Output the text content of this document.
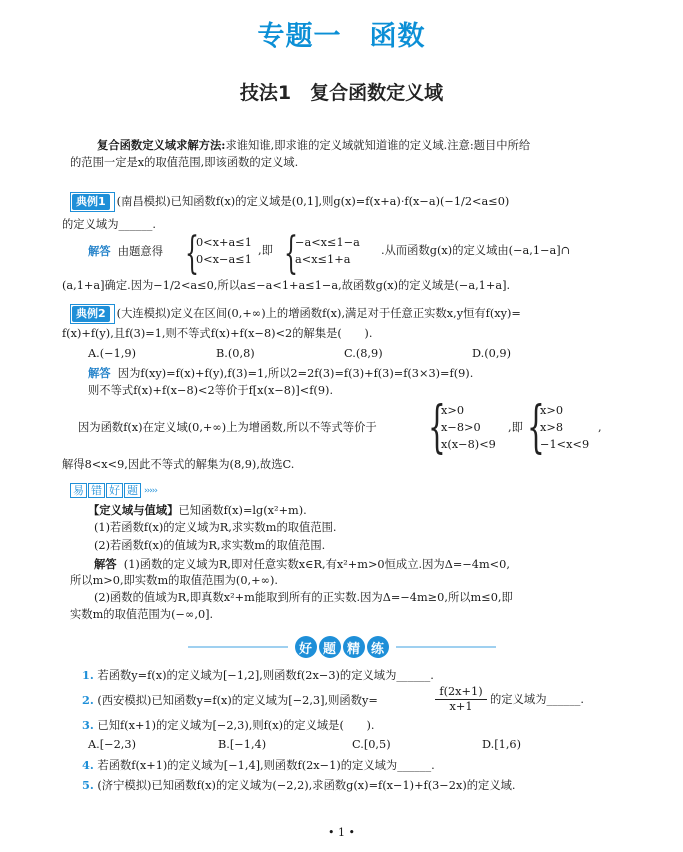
专题一　函数
技法1　复合函数定义域
复合函数定义域求解方法:求谁知谁,即求谁的定义域就知道谁的定义域.注意:题目中所给
的范围一定是x的取值范围,即该函数的定义域.
典例1 (南昌模拟)已知函数f(x)的定义域是(0,1],则g(x)=f(x+a)·f(x−a)(−1/2<a≤0)
的定义域为______.
解答 由题意得 {
0<x+a≤1
0<x−a≤1
,即 {
−a<x≤1−a
a<x≤1+a
.从而函数g(x)的定义域由(−a,1−a]∩
(a,1+a]确定.因为−1/2<a≤0,所以a≤−a<1+a≤1−a,故函数g(x)的定义域是(−a,1+a].
典例2 (大连模拟)定义在区间(0,+∞)上的增函数f(x),满足对于任意正实数x,y恒有f(xy)=
f(x)+f(y),且f(3)=1,则不等式f(x)+f(x−8)<2的解集是(　　).
A.(−1,9)	B.(0,8)	C.(8,9)	D.(0,9)
解答 因为f(xy)=f(x)+f(y),f(3)=1,所以2=2f(3)=f(3)+f(3)=f(3×3)=f(9).
则不等式f(x)+f(x−8)<2等价于f[x(x−8)]<f(9).
因为函数f(x)在定义域(0,+∞)上为增函数,所以不等式等价于 {
x>0
x−8>0
x(x−8)<9
,即 {
x>0
x>8
−1<x<9
,
解得8<x<9,因此不等式的解集为(8,9),故选C.
易 错 好 题 ›››››
【定义域与值域】已知函数f(x)=lg(x²+m).
(1)若函数f(x)的定义域为R,求实数m的取值范围.
(2)若函数f(x)的值域为R,求实数m的取值范围.
解答 (1)函数的定义域为R,即对任意实数x∈R,有x²+m>0恒成立.因为Δ=−4m<0,
所以m>0,即实数m的取值范围为(0,+∞).
(2)函数的值域为R,即真数x²+m能取到所有的正实数.因为Δ=−4m≥0,所以m≤0,即
实数m的取值范围为(−∞,0].
好 题 精 练
1. 若函数y=f(x)的定义域为[−1,2],则函数f(2x−3)的定义域为______.
2. (西安模拟)已知函数y=f(x)的定义域为[−2,3],则函数y=	$\frac{f(2x+1)}{x+1}$ 的定义域为______.
3. 已知f(x+1)的定义域为[−2,3),则f(x)的定义域是(　　).
A.[−2,3)	B.[−1,4)	C.[0,5)	D.[1,6)
4. 若函数f(x+1)的定义域为[−1,4],则函数f(2x−1)的定义域为______.
5. (济宁模拟)已知函数f(x)的定义域为(−2,2),求函数g(x)=f(x−1)+f(3−2x)的定义域.
• 1 •
